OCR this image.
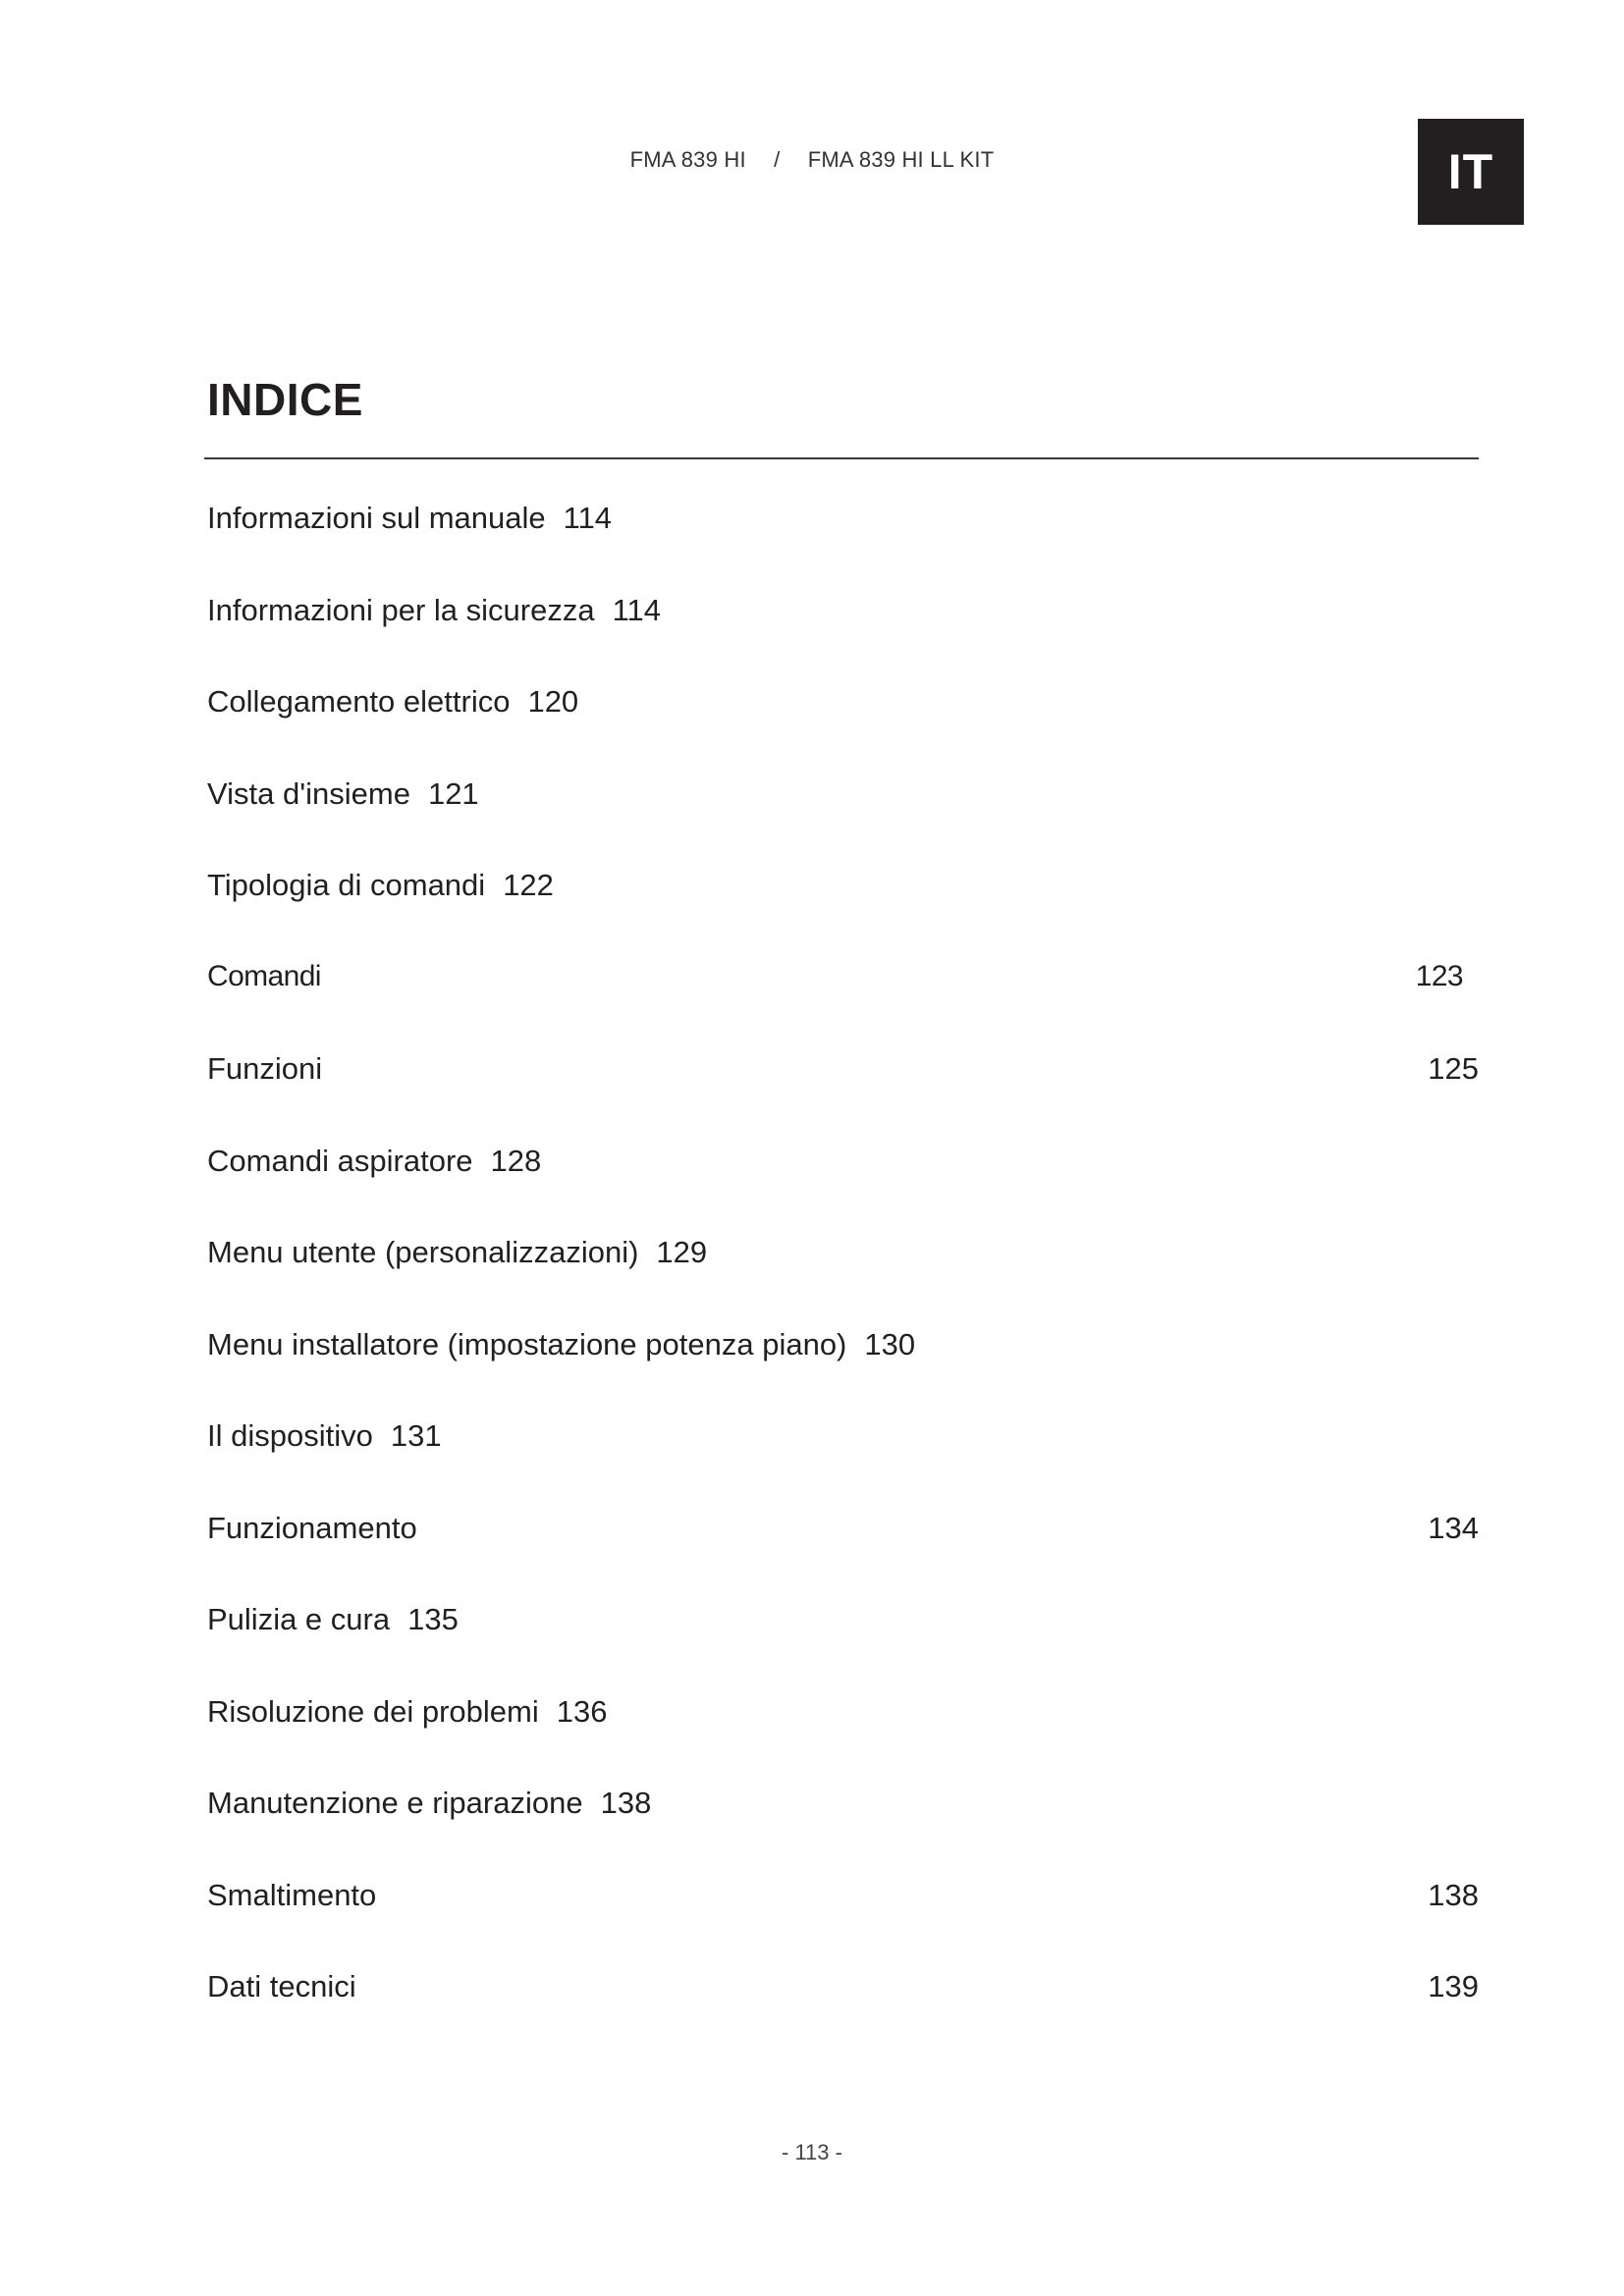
FMA 839 HI / FMA 839 HI LL KIT	IT
INDICE
Informazioni sul manuale 114
Informazioni per la sicurezza 114
Collegamento elettrico 120
Vista d'insieme 121
Tipologia di comandi 122
Comandi	123
Funzioni	125
Comandi aspiratore 128
Menu utente (personalizzazioni) 129
Menu installatore (impostazione potenza piano) 130
Il dispositivo 131
Funzionamento	134
Pulizia e cura 135
Risoluzione dei problemi 136
Manutenzione e riparazione 138
Smaltimento	138
Dati tecnici	139
- 113 -
